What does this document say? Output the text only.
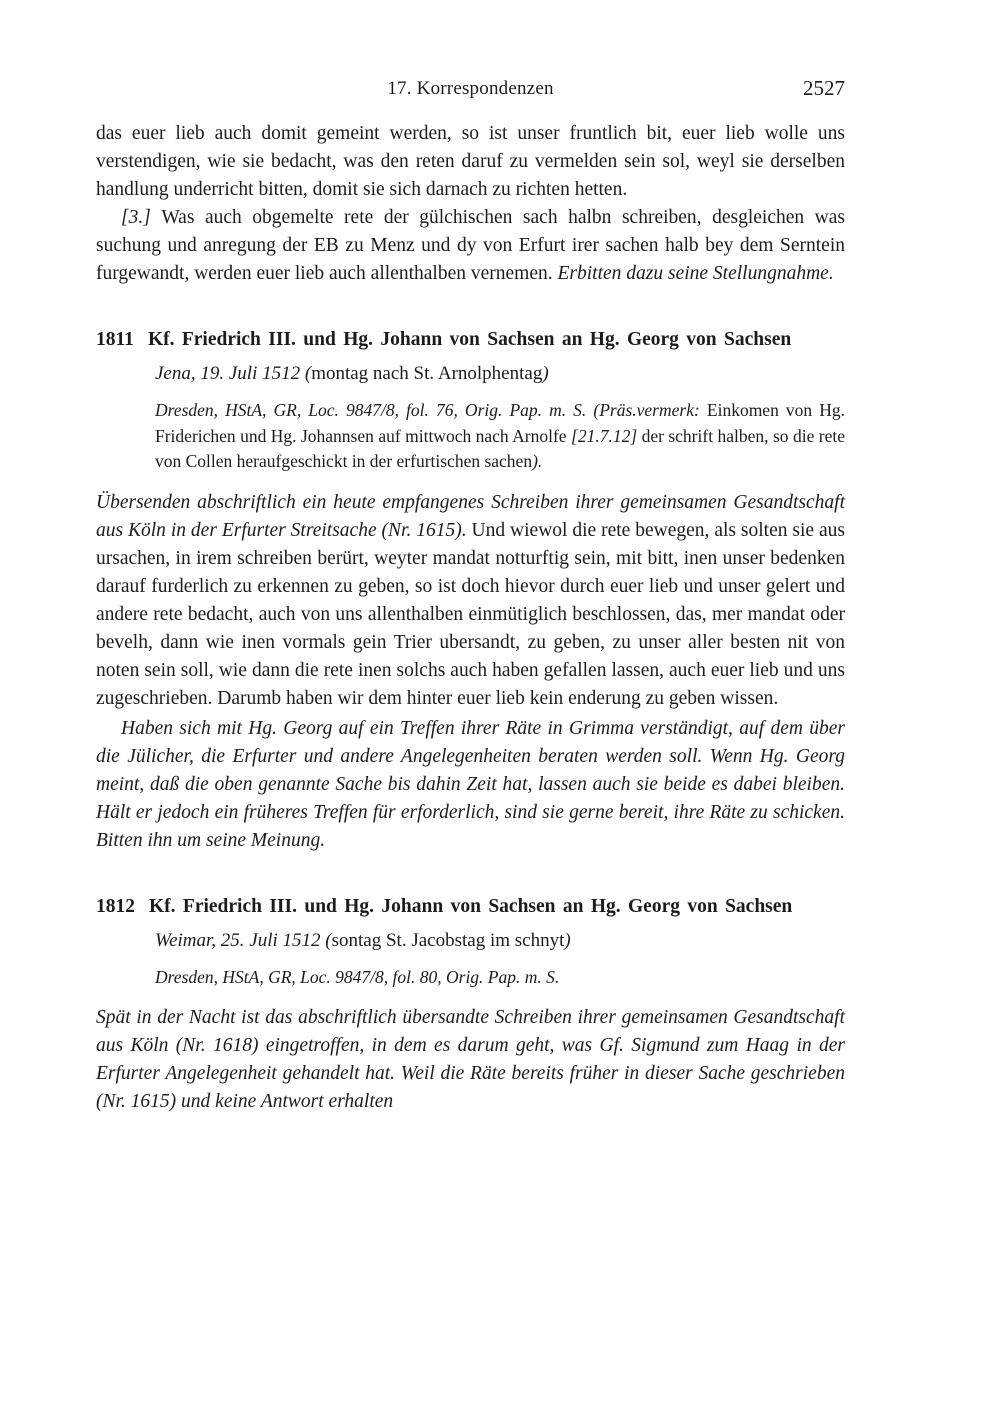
17. Korrespondenzen	2527

das euer lieb auch domit gemeint werden, so ist unser fruntlich bit, euer lieb wolle uns verstendigen, wie sie bedacht, was den reten daruf zu vermelden sein sol, weyl sie derselben handlung underricht bitten, domit sie sich darnach zu richten hetten.

[3.] Was auch obgemelte rete der gülchischen sach halbn schreiben, desgleichen was suchung und anregung der EB zu Menz und dy von Erfurt irer sachen halb bey dem Serntein furgewandt, werden euer lieb auch allenthalben vernemen. Erbitten dazu seine Stellungnahme.

1811 Kf. Friedrich III. und Hg. Johann von Sachsen an Hg. Georg von Sachsen

Jena, 19. Juli 1512 (montag nach St. Arnolphentag)

Dresden, HStA, GR, Loc. 9847/8, fol. 76, Orig. Pap. m. S. (Präs.vermerk: Einkomen von Hg. Friderichen und Hg. Johannsen auf mittwoch nach Arnolfe [21.7.12] der schrift halben, so die rete von Collen heraufgeschickt in der erfurtischen sachen).

Übersenden abschriftlich ein heute empfangenes Schreiben ihrer gemeinsamen Gesandtschaft aus Köln in der Erfurter Streitsache (Nr. 1615). Und wiewol die rete bewegen, als solten sie aus ursachen, in irem schreiben berürt, weyter mandat notturftig sein, mit bitt, inen unser bedenken darauf furderlich zu erkennen zu geben, so ist doch hievor durch euer lieb und unser gelert und andere rete bedacht, auch von uns allenthalben einmütiglich beschlossen, das, mer mandat oder bevelh, dann wie inen vormals gein Trier ubersandt, zu geben, zu unser aller besten nit von noten sein soll, wie dann die rete inen solchs auch haben gefallen lassen, auch euer lieb und uns zugeschrieben. Darumb haben wir dem hinter euer lieb kein enderung zu geben wissen.

Haben sich mit Hg. Georg auf ein Treffen ihrer Räte in Grimma verständigt, auf dem über die Jülicher, die Erfurter und andere Angelegenheiten beraten werden soll. Wenn Hg. Georg meint, daß die oben genannte Sache bis dahin Zeit hat, lassen auch sie beide es dabei bleiben. Hält er jedoch ein früheres Treffen für erforderlich, sind sie gerne bereit, ihre Räte zu schicken. Bitten ihn um seine Meinung.

1812 Kf. Friedrich III. und Hg. Johann von Sachsen an Hg. Georg von Sachsen

Weimar, 25. Juli 1512 (sontag St. Jacobstag im schnyt)

Dresden, HStA, GR, Loc. 9847/8, fol. 80, Orig. Pap. m. S.

Spät in der Nacht ist das abschriftlich übersandte Schreiben ihrer gemeinsamen Gesandtschaft aus Köln (Nr. 1618) eingetroffen, in dem es darum geht, was Gf. Sigmund zum Haag in der Erfurter Angelegenheit gehandelt hat. Weil die Räte bereits früher in dieser Sache geschrieben (Nr. 1615) und keine Antwort erhalten
